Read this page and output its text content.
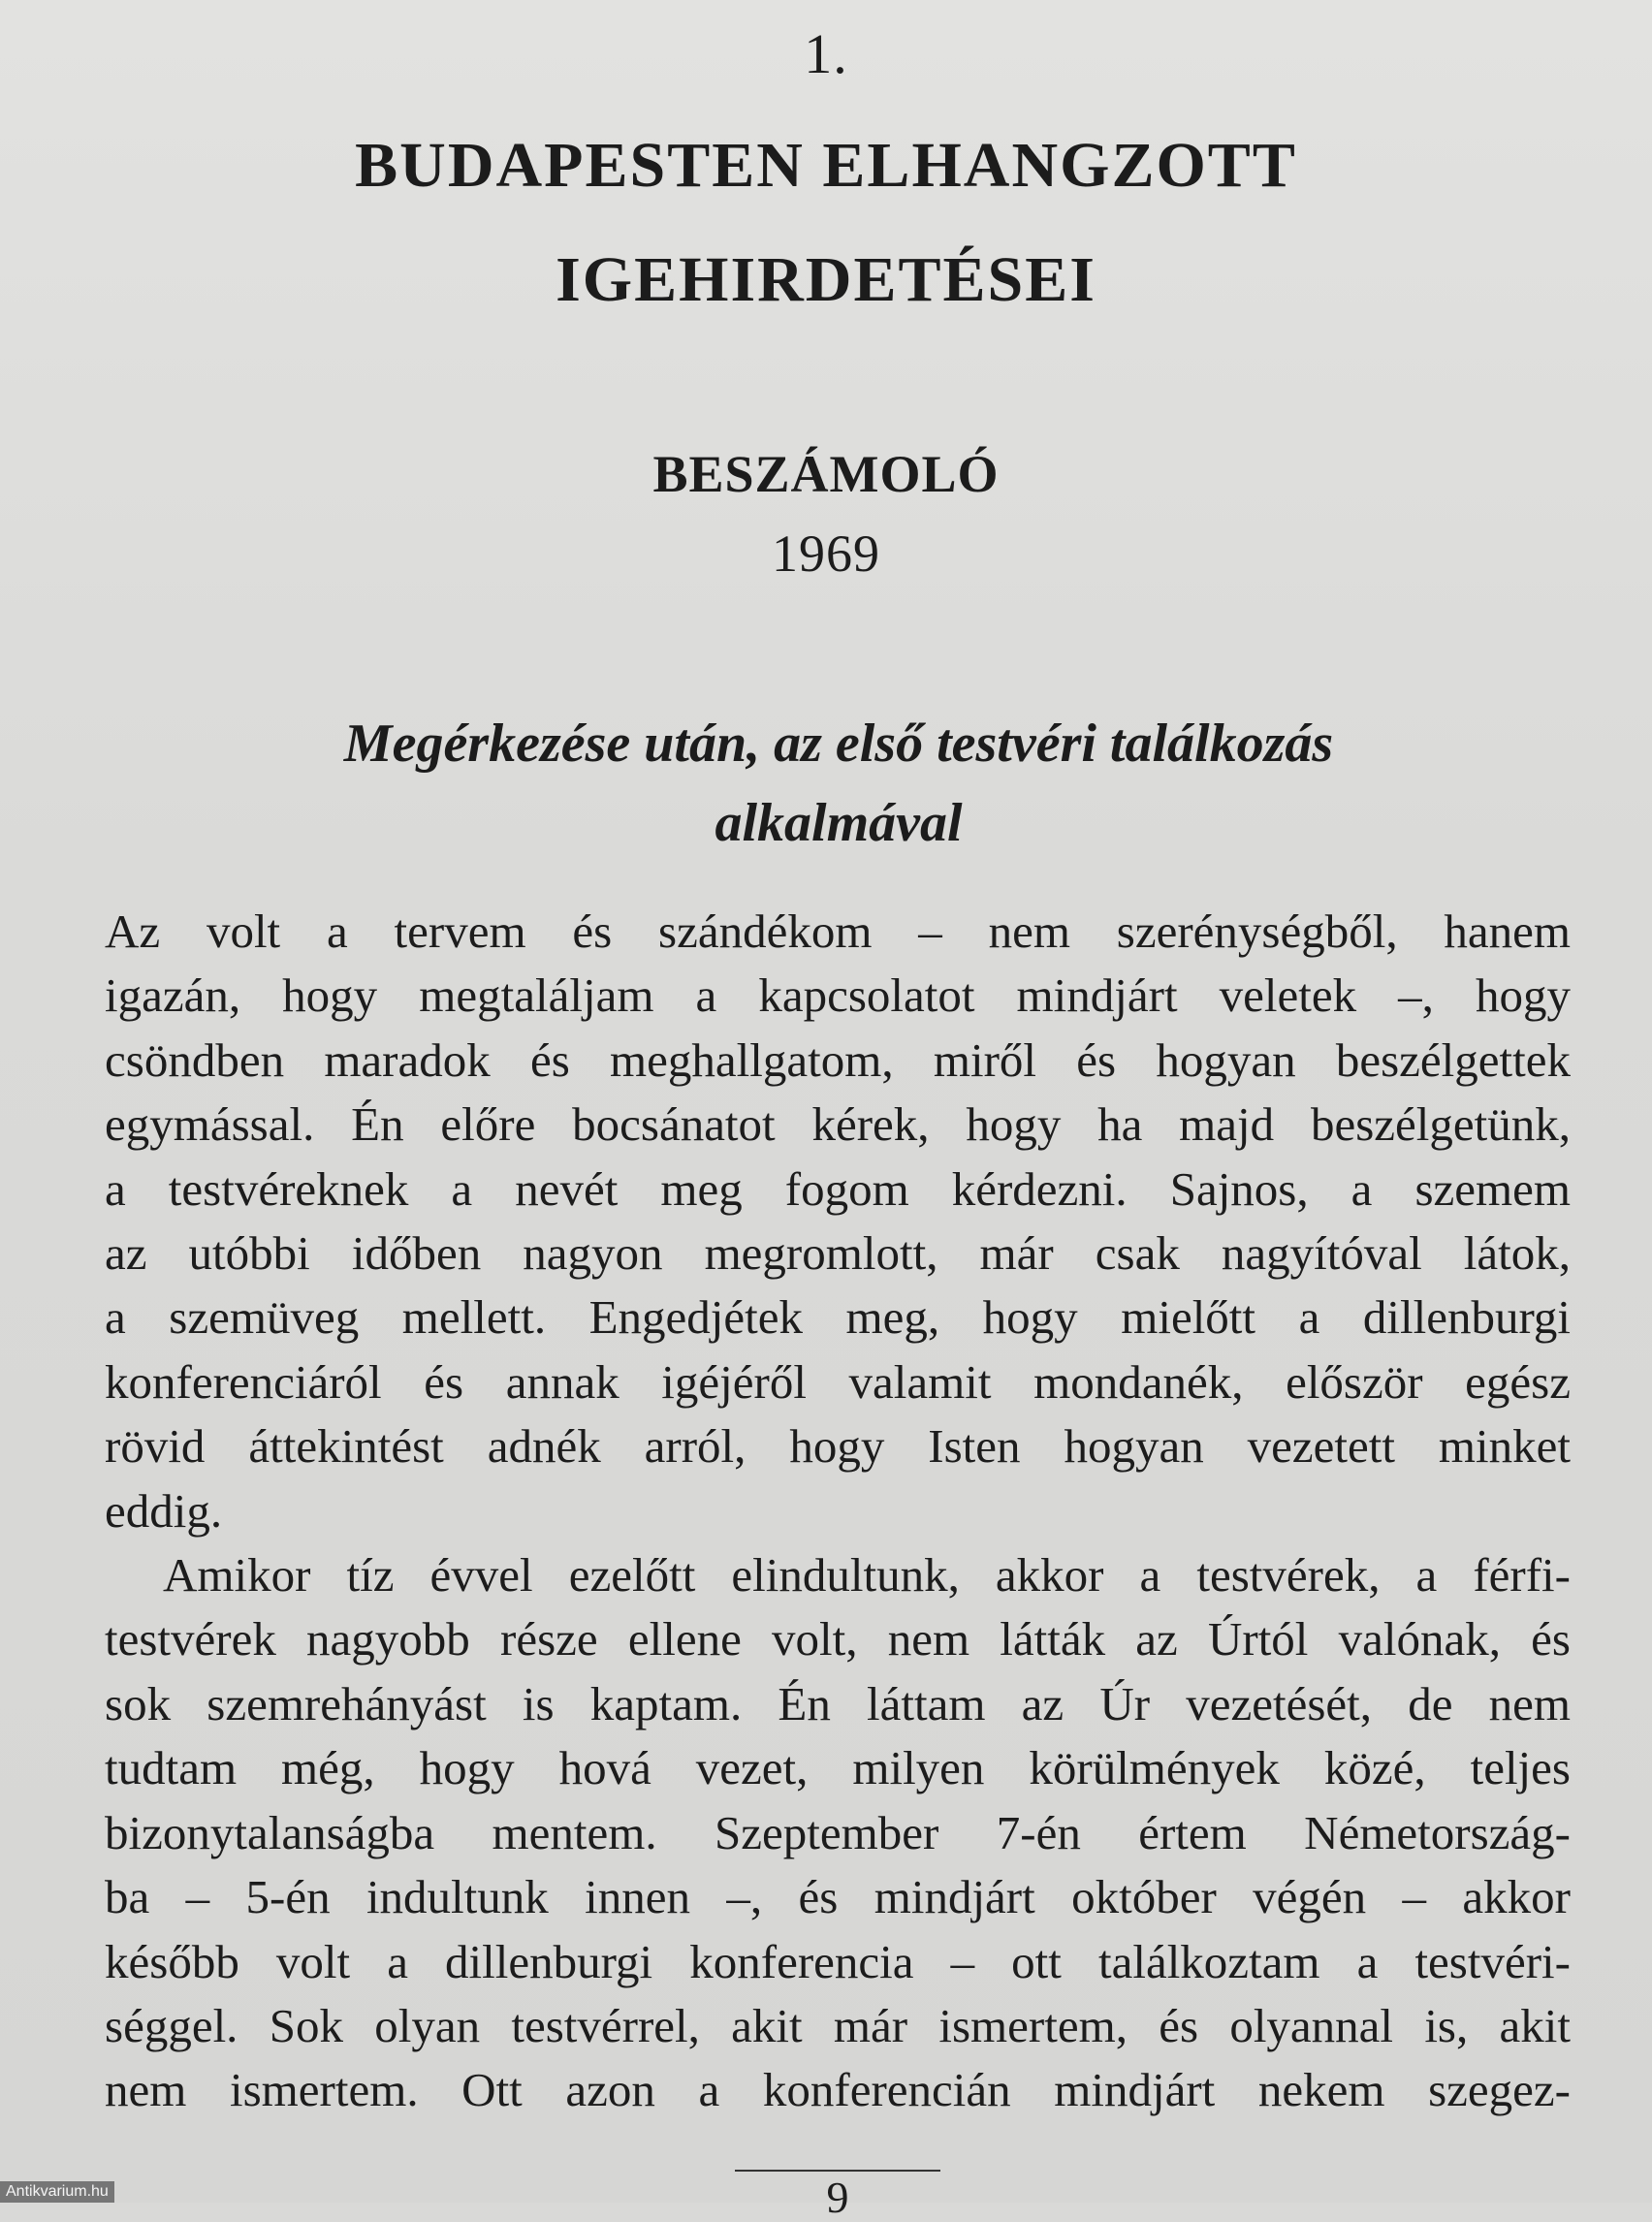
1.
BUDAPESTEN ELHANGZOTT
IGEHIRDETÉSEI
BESZÁMOLÓ
1969
Megérkezése után, az első testvéri találkozás
alkalmával

Az volt a tervem és szándékom – nem szerénységből, hanem

igazán, hogy megtaláljam a kapcsolatot mindjárt veletek –, hogy

csöndben maradok és meghallgatom, miről és hogyan beszélgettek

egymással. Én előre bocsánatot kérek, hogy ha majd beszélgetünk,

a testvéreknek a nevét meg fogom kérdezni. Sajnos, a szemem

az utóbbi időben nagyon megromlott, már csak nagyítóval látok,

a szemüveg mellett. Engedjétek meg, hogy mielőtt a dillenburgi

konferenciáról és annak igéjéről valamit mondanék, először egész

rövid áttekintést adnék arról, hogy Isten hogyan vezetett minket

eddig.

Amikor tíz évvel ezelőtt elindultunk, akkor a testvérek, a férfi-

testvérek nagyobb része ellene volt, nem látták az Úrtól valónak, és

sok szemrehányást is kaptam. Én láttam az Úr vezetését, de nem

tudtam még, hogy hová vezet, milyen körülmények közé, teljes

bizonytalanságba mentem. Szeptember 7-én értem Németország-

ba – 5-én indultunk innen –, és mindjárt október végén – akkor

később volt a dillenburgi konferencia – ott találkoztam a testvéri-

séggel. Sok olyan testvérrel, akit már ismertem, és olyannal is, akit

nem ismertem. Ott azon a konferencián mindjárt nekem szegez-

9
Antikvarium.hu
